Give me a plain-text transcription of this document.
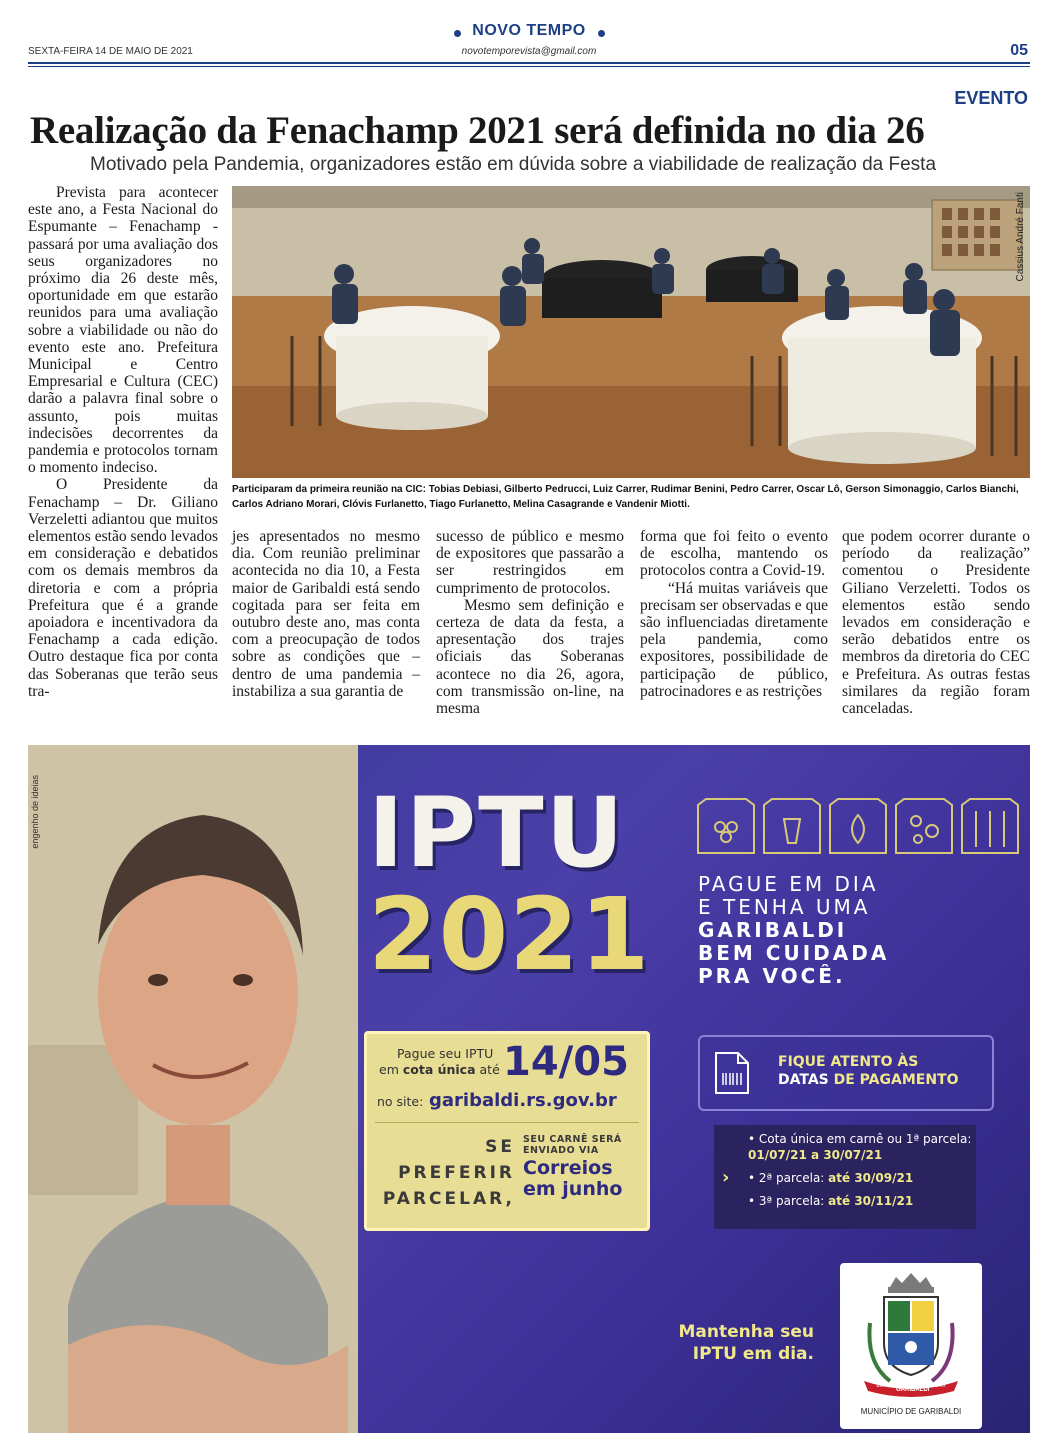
NOVO TEMPO
SEXTA-FEIRA 14 DE MAIO DE 2021	novotemporevista@gmail.com	05
EVENTO
Realização da Fenachamp 2021 será definida no dia 26
Motivado pela Pandemia, organizadores estão em dúvida sobre a viabilidade de realização da Festa
Cassius André Fanti
Participaram da primeira reunião na CIC: Tobias Debiasi, Gilberto Pedrucci, Luiz Carrer, Rudimar Benini, Pedro Carrer, Oscar Lô, Gerson Simonaggio, Carlos Bianchi, Carlos Adriano Morari, Clóvis Furlanetto, Tiago Furlanetto, Melina Casagrande e Vandenir Miotti.

Prevista para acontecer este ano, a Festa Nacional do Espumante – Fenachamp - passará por uma avaliação dos seus organizadores no próximo dia 26 deste mês, oportunidade em que estarão reunidos para uma avaliação sobre a viabilidade ou não do evento este ano. Prefeitura Municipal e Centro Empresarial e Cultura (CEC) darão a palavra final sobre o assunto, pois muitas indecisões decorrentes da pandemia e protocolos tornam o momento indeciso.

O Presidente da Fenachamp – Dr. Giliano Verzeletti adiantou que muitos elementos estão sendo levados em consideração e debatidos com os demais membros da diretoria e com a própria Prefeitura que é a grande apoiadora e incentivadora da Fenachamp a cada edição. Outro destaque fica por conta das Soberanas que terão seus tra-

jes apresentados no mesmo dia. Com reunião preliminar acontecida no dia 10, a Festa maior de Garibaldi está sendo cogitada para ser feita em outubro deste ano, mas conta com a preocupação de todos sobre as condições que – dentro de uma pandemia – instabiliza a sua garantia de

sucesso de público e mesmo de expositores que passarão a ser restringidos em cumprimento de protocolos.

Mesmo sem definição e certeza de data da festa, a apresentação dos trajes oficiais das Soberanas acontece no dia 26, agora, com transmissão on-line, na mesma

forma que foi feito o evento de escolha, mantendo os protocolos contra a Covid-19.

“Há muitas variáveis que precisam ser observadas e que são influenciadas diretamente pela pandemia, como expositores, possibilidade de participação de público, patrocinadores e as restrições

que podem ocorrer durante o período da realização” comentou o Presidente Giliano Verzeletti. Todos os elementos estão sendo levados em consideração e serão debatidos entre os membros da diretoria do CEC e Prefeitura. As outras festas similares da região foram canceladas.

engenho de ideias	IPTU
2021 PAGUE EM DIA
E TENHA UMA
GARIBALDI
BEM CUIDADA
PRA VOCÊ.
Pague seu IPTU
em cota única até 14/05
no site: garibaldi.rs.gov.br
SE
PREFERIR
PARCELAR,
SEU CARNÊ SERÁ
ENVIADO VIA
Correios
em junho
FIQUE ATENTO ÀS
DATAS DE PAGAMENTO
›
• Cota única em carnê ou 1ª parcela: 01/07/21 a 30/07/21
• 2ª parcela: até 30/09/21
• 3ª parcela: até 30/11/21
Mantenha seu
IPTU em dia.
1870
GARIBALDI
1900
MUNICÍPIO DE GARIBALDI
